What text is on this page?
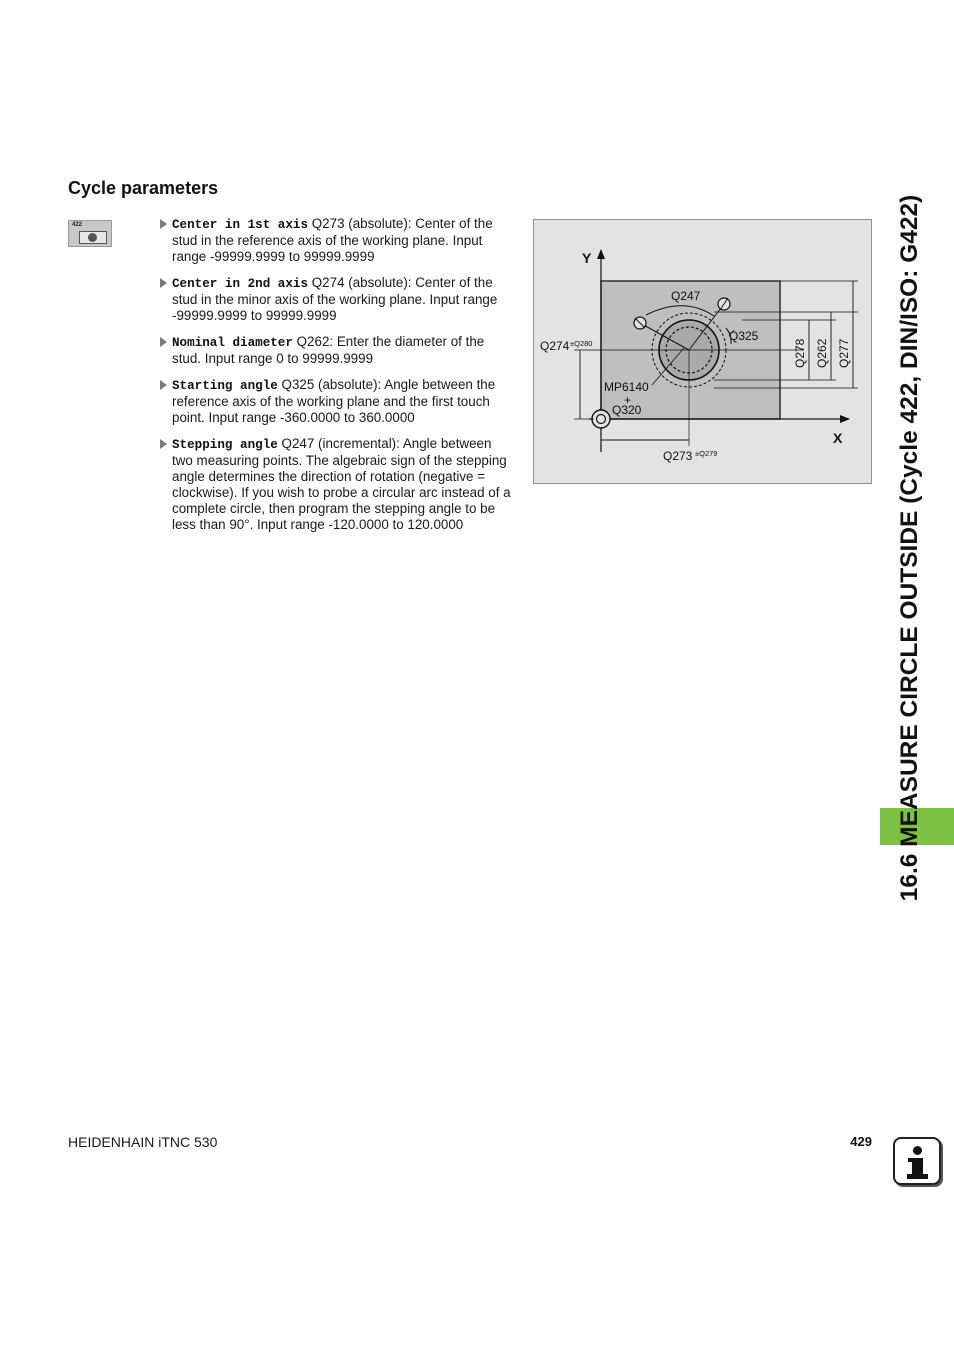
Cycle parameters
422	Center in 1st axis Q273 (absolute): Center of the stud in the reference axis of the working plane. Input range -99999.9999 to 99999.9999
Center in 2nd axis Q274 (absolute): Center of the stud in the minor axis of the working plane. Input range -99999.9999 to 99999.9999
Nominal diameter Q262: Enter the diameter of the stud. Input range 0 to 99999.9999
Starting angle Q325 (absolute): Angle between the reference axis of the working plane and the first touch point. Input range -360.0000 to 360.0000
Stepping angle Q247 (incremental): Angle between two measuring points. The algebraic sign of the stepping angle determines the direction of rotation (negative = clockwise). If you wish to probe a circular arc instead of a complete circle, then program the stepping angle to be less than 90°. Input range -120.0000 to 120.0000
Y
X
Q247
Q325
Q274 ±Q280	Q278 Q262 Q277
MP6140
+
Q320
Q273 ±Q279	16.6 MEASURE CIRCLE OUTSIDE (Cycle 422, DIN/ISO: G422)
HEIDENHAIN iTNC 530	429
